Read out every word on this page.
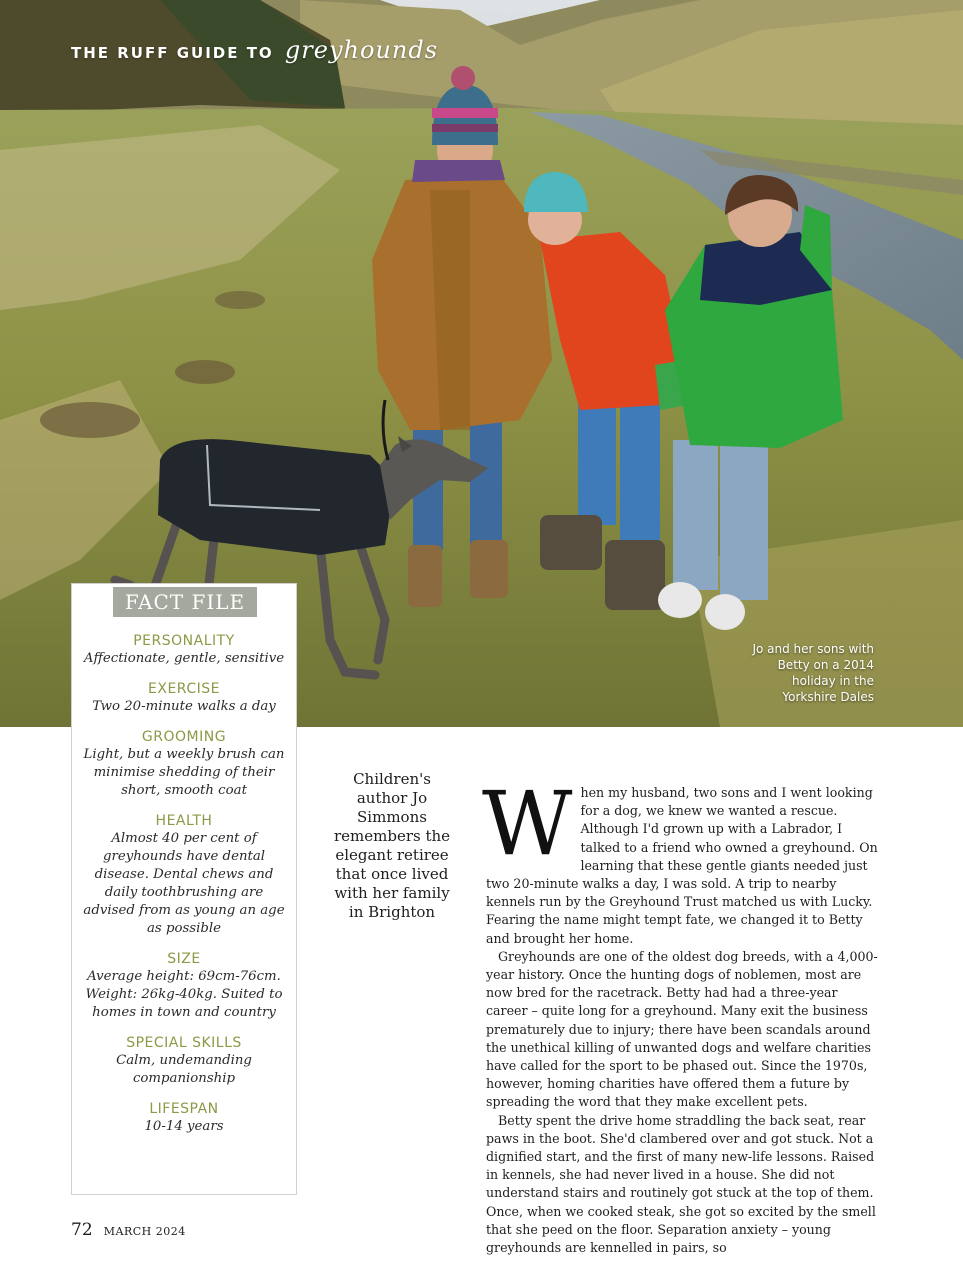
THE RUFF GUIDE TO greyhounds
Jo and her sons with Betty on a 2014 holiday in the Yorkshire Dales
FACT FILE
PERSONALITY
Affectionate, gentle, sensitive
EXERCISE
Two 20-minute walks a day
GROOMING
Light, but a weekly brush can minimise shedding of their short, smooth coat
HEALTH
Almost 40 per cent of greyhounds have dental disease. Dental chews and daily toothbrushing are advised from as young an age as possible
SIZE
Average height: 69cm-76cm. Weight: 26kg-40kg. Suited to homes in town and country
SPECIAL SKILLS
Calm, undemanding companionship
LIFESPAN
10-14 years
Children's author Jo Simmons remembers the elegant retiree that once lived with her family in Brighton

When my husband, two sons and I went looking for a dog, we knew we wanted a rescue. Although I'd grown up with a Labrador, I talked to a friend who owned a greyhound. On learning that these gentle giants needed just two 20-minute walks a day, I was sold. A trip to nearby kennels run by the Greyhound Trust matched us with Lucky. Fearing the name might tempt fate, we changed it to Betty and brought her home.

Greyhounds are one of the oldest dog breeds, with a 4,000-year history. Once the hunting dogs of noblemen, most are now bred for the racetrack. Betty had had a three-year career – quite long for a greyhound. Many exit the business prematurely due to injury; there have been scandals around the unethical killing of unwanted dogs and welfare charities have called for the sport to be phased out. Since the 1970s, however, homing charities have offered them a future by spreading the word that they make excellent pets.

Betty spent the drive home straddling the back seat, rear paws in the boot. She'd clambered over and got stuck. Not a dignified start, and the first of many new-life lessons. Raised in kennels, she had never lived in a house. She did not understand stairs and routinely got stuck at the top of them. Once, when we cooked steak, she got so excited by the smell that she peed on the floor. Separation anxiety – young greyhounds are kennelled in pairs, so

72 MARCH 2024
